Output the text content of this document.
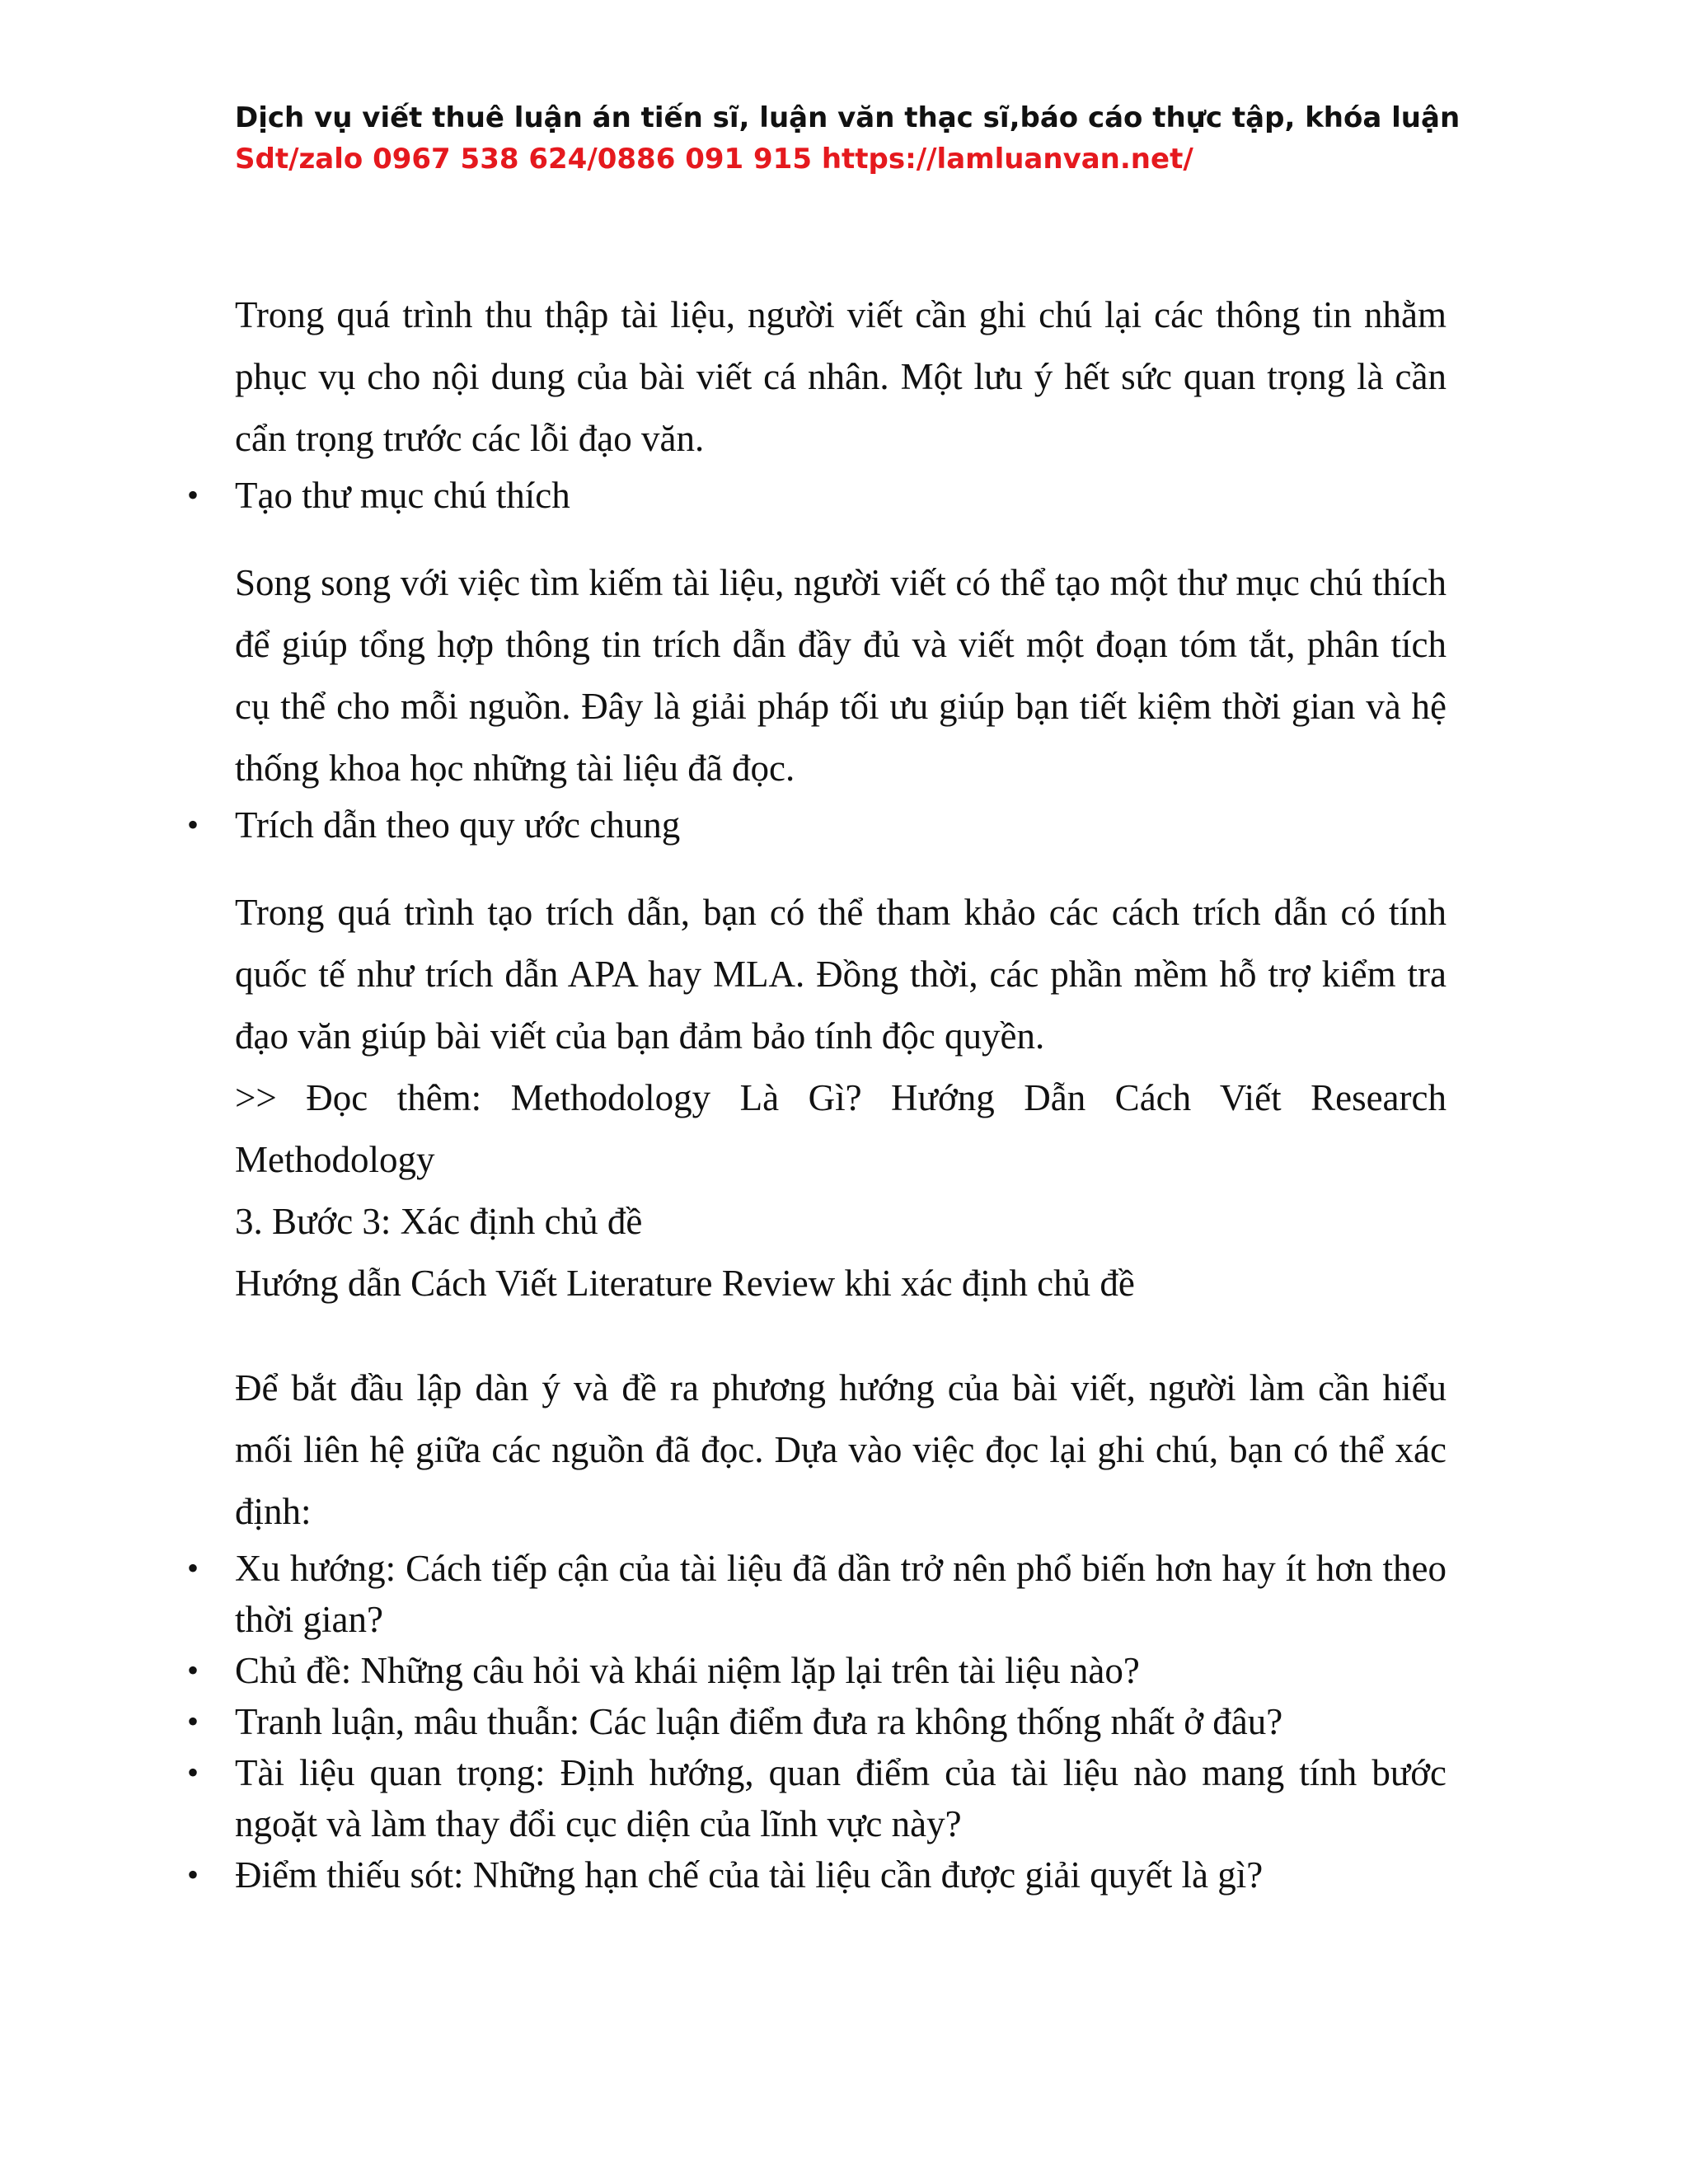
Dịch vụ viết thuê luận án tiến sĩ, luận văn thạc sĩ,báo cáo thực tập, khóa luận
Sdt/zalo 0967 538 624/0886 091 915 https://lamluanvan.net/

Trong quá trình thu thập tài liệu, người viết cần ghi chú lại các thông tin nhằm phục vụ cho nội dung của bài viết cá nhân. Một lưu ý hết sức quan trọng là cần cẩn trọng trước các lỗi đạo văn.

• Tạo thư mục chú thích

Song song với việc tìm kiếm tài liệu, người viết có thể tạo một thư mục chú thích để giúp tổng hợp thông tin trích dẫn đầy đủ và viết một đoạn tóm tắt, phân tích cụ thể cho mỗi nguồn. Đây là giải pháp tối ưu giúp bạn tiết kiệm thời gian và hệ thống khoa học những tài liệu đã đọc.

• Trích dẫn theo quy ước chung

Trong quá trình tạo trích dẫn, bạn có thể tham khảo các cách trích dẫn có tính quốc tế như trích dẫn APA hay MLA. Đồng thời, các phần mềm hỗ trợ kiểm tra đạo văn giúp bài viết của bạn đảm bảo tính độc quyền.

>> Đọc thêm: Methodology Là Gì? Hướng Dẫn Cách Viết Research Methodology

3. Bước 3: Xác định chủ đề

Hướng dẫn Cách Viết Literature Review khi xác định chủ đề

Để bắt đầu lập dàn ý và đề ra phương hướng của bài viết, người làm cần hiểu mối liên hệ giữa các nguồn đã đọc. Dựa vào việc đọc lại ghi chú, bạn có thể xác định:

• Xu hướng: Cách tiếp cận của tài liệu đã dần trở nên phổ biến hơn hay ít hơn theo thời gian?
• Chủ đề: Những câu hỏi và khái niệm lặp lại trên tài liệu nào?
• Tranh luận, mâu thuẫn: Các luận điểm đưa ra không thống nhất ở đâu?
• Tài liệu quan trọng: Định hướng, quan điểm của tài liệu nào mang tính bước ngoặt và làm thay đổi cục diện của lĩnh vực này?
• Điểm thiếu sót: Những hạn chế của tài liệu cần được giải quyết là gì?
